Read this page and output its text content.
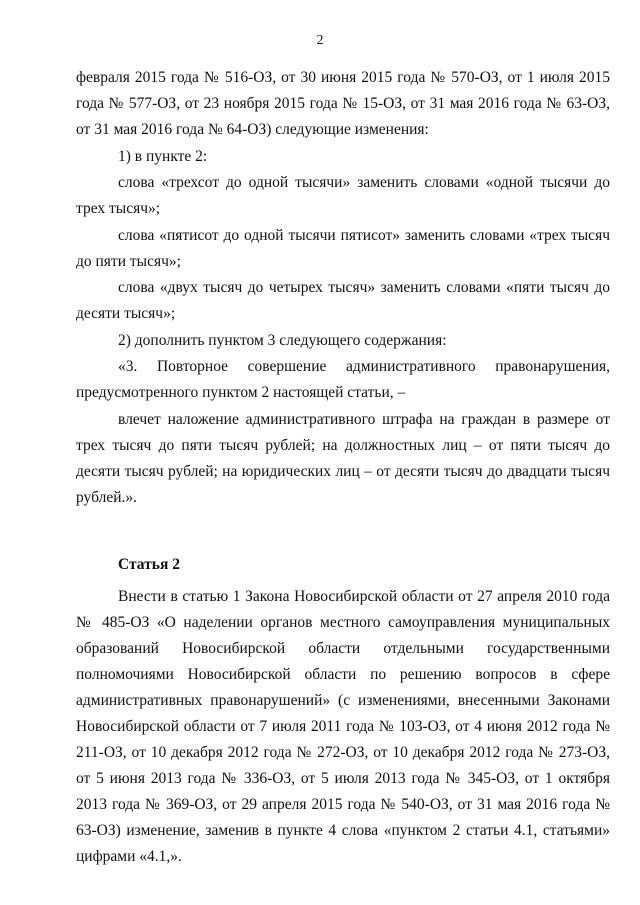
2

февраля 2015 года № 516-ОЗ, от 30 июня 2015 года № 570-ОЗ, от 1 июля 2015 года № 577-ОЗ, от 23 ноября 2015 года № 15-ОЗ, от 31 мая 2016 года № 63-ОЗ, от 31 мая 2016 года № 64-ОЗ) следующие изменения:

1) в пункте 2:

слова «трехсот до одной тысячи» заменить словами «одной тысячи до трех тысяч»;

слова «пятисот до одной тысячи пятисот» заменить словами «трех тысяч до пяти тысяч»;

слова «двух тысяч до четырех тысяч» заменить словами «пяти тысяч до десяти тысяч»;

2) дополнить пунктом 3 следующего содержания:

«3. Повторное совершение административного правонарушения, предусмотренного пунктом 2 настоящей статьи, –

влечет наложение административного штрафа на граждан в размере от трех тысяч до пяти тысяч рублей; на должностных лиц – от пяти тысяч до десяти тысяч рублей; на юридических лиц – от десяти тысяч до двадцати тысяч рублей.».

Статья 2

Внести в статью 1 Закона Новосибирской области от 27 апреля 2010 года № 485-ОЗ «О наделении органов местного самоуправления муниципальных образований Новосибирской области отдельными государственными полномочиями Новосибирской области по решению вопросов в сфере административных правонарушений» (с изменениями, внесенными Законами Новосибирской области от 7 июля 2011 года № 103-ОЗ, от 4 июня 2012 года № 211-ОЗ, от 10 декабря 2012 года № 272-ОЗ, от 10 декабря 2012 года № 273-ОЗ, от 5 июня 2013 года № 336-ОЗ, от 5 июля 2013 года № 345-ОЗ, от 1 октября 2013 года № 369-ОЗ, от 29 апреля 2015 года № 540-ОЗ, от 31 мая 2016 года № 63-ОЗ) изменение, заменив в пункте 4 слова «пунктом 2 статьи 4.1, статьями» цифрами «4.1,».
